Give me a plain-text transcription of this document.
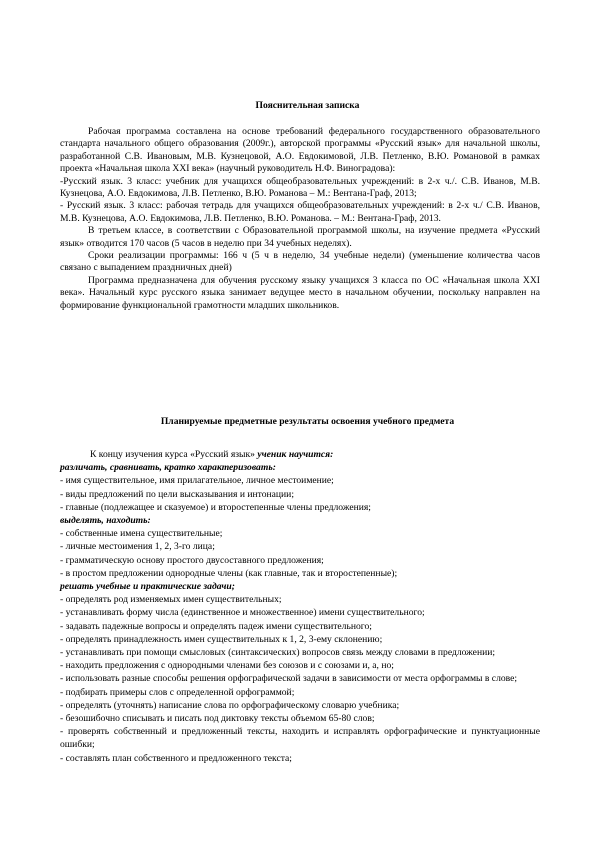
Пояснительная записка

Рабочая программа составлена на основе требований федерального государственного образовательного стандарта начального общего образования (2009г.), авторской программы «Русский язык» для начальной школы, разработанной С.В. Ивановым, М.В. Кузнецовой, А.О. Евдокимовой, Л.В. Петленко, В.Ю. Романовой в рамках проекта «Начальная школа XXI века» (научный руководитель Н.Ф. Виноградова):

-Русский язык. 3 класс: учебник для учащихся общеобразовательных учреждений: в 2-х ч./. С.В. Иванов, М.В. Кузнецова, А.О. Евдокимова, Л.В. Петленко, В.Ю. Романова – М.: Вентана-Граф, 2013;

- Русский язык. 3 класс: рабочая тетрадь для учащихся общеобразовательных учреждений: в 2-х ч./ С.В. Иванов, М.В. Кузнецова, А.О. Евдокимова, Л.В. Петленко, В.Ю. Романова. – М.: Вентана-Граф, 2013.

В третьем классе, в соответствии с Образовательной программой школы, на изучение предмета «Русский язык» отводится 170 часов (5 часов в неделю при 34 учебных неделях).

Сроки реализации программы: 166 ч (5 ч в неделю, 34 учебные недели) (уменьшение количества часов связано с выпадением праздничных дней)

Программа предназначена для обучения русскому языку учащихся 3 класса по ОС «Начальная школа XXI века». Начальный курс русского языка занимает ведущее место в начальном обучении, поскольку направлен на формирование функциональной грамотности младших школьников.

Планируемые предметные результаты освоения учебного предмета

К концу изучения курса «Русский язык» ученик научится:

различать, сравнивать, кратко характеризовать:

- имя существительное, имя прилагательное, личное местоимение;

- виды предложений по цели высказывания и интонации;

- главные (подлежащее и сказуемое) и второстепенные члены предложения;

выделять, находить:

- собственные имена существительные;

- личные местоимения 1, 2, 3-го лица;

- грамматическую основу простого двусоставного предложения;

- в простом предложении однородные члены (как главные, так и второстепенные);

решать учебные и практические задачи;

- определять род изменяемых имен существительных;

- устанавливать форму числа (единственное и множественное) имени существительного;

- задавать падежные вопросы и определять падеж имени существительного;

- определять принадлежность имен существительных к 1, 2, 3-ему склонению;

- устанавливать при помощи смысловых (синтаксических) вопросов связь между словами в предложении;

- находить предложения с однородными членами без союзов и с союзами и, а, но;

- использовать разные способы решения орфографической задачи в зависимости от места орфограммы в слове;

- подбирать примеры слов с определенной орфограммой;

- определять (уточнять) написание слова по орфографическому словарю учебника;

- безошибочно списывать и писать под диктовку тексты объемом 65-80 слов;

- проверять собственный и предложенный тексты, находить и исправлять орфографические и пунктуационные ошибки;

- составлять план собственного и предложенного текста;
